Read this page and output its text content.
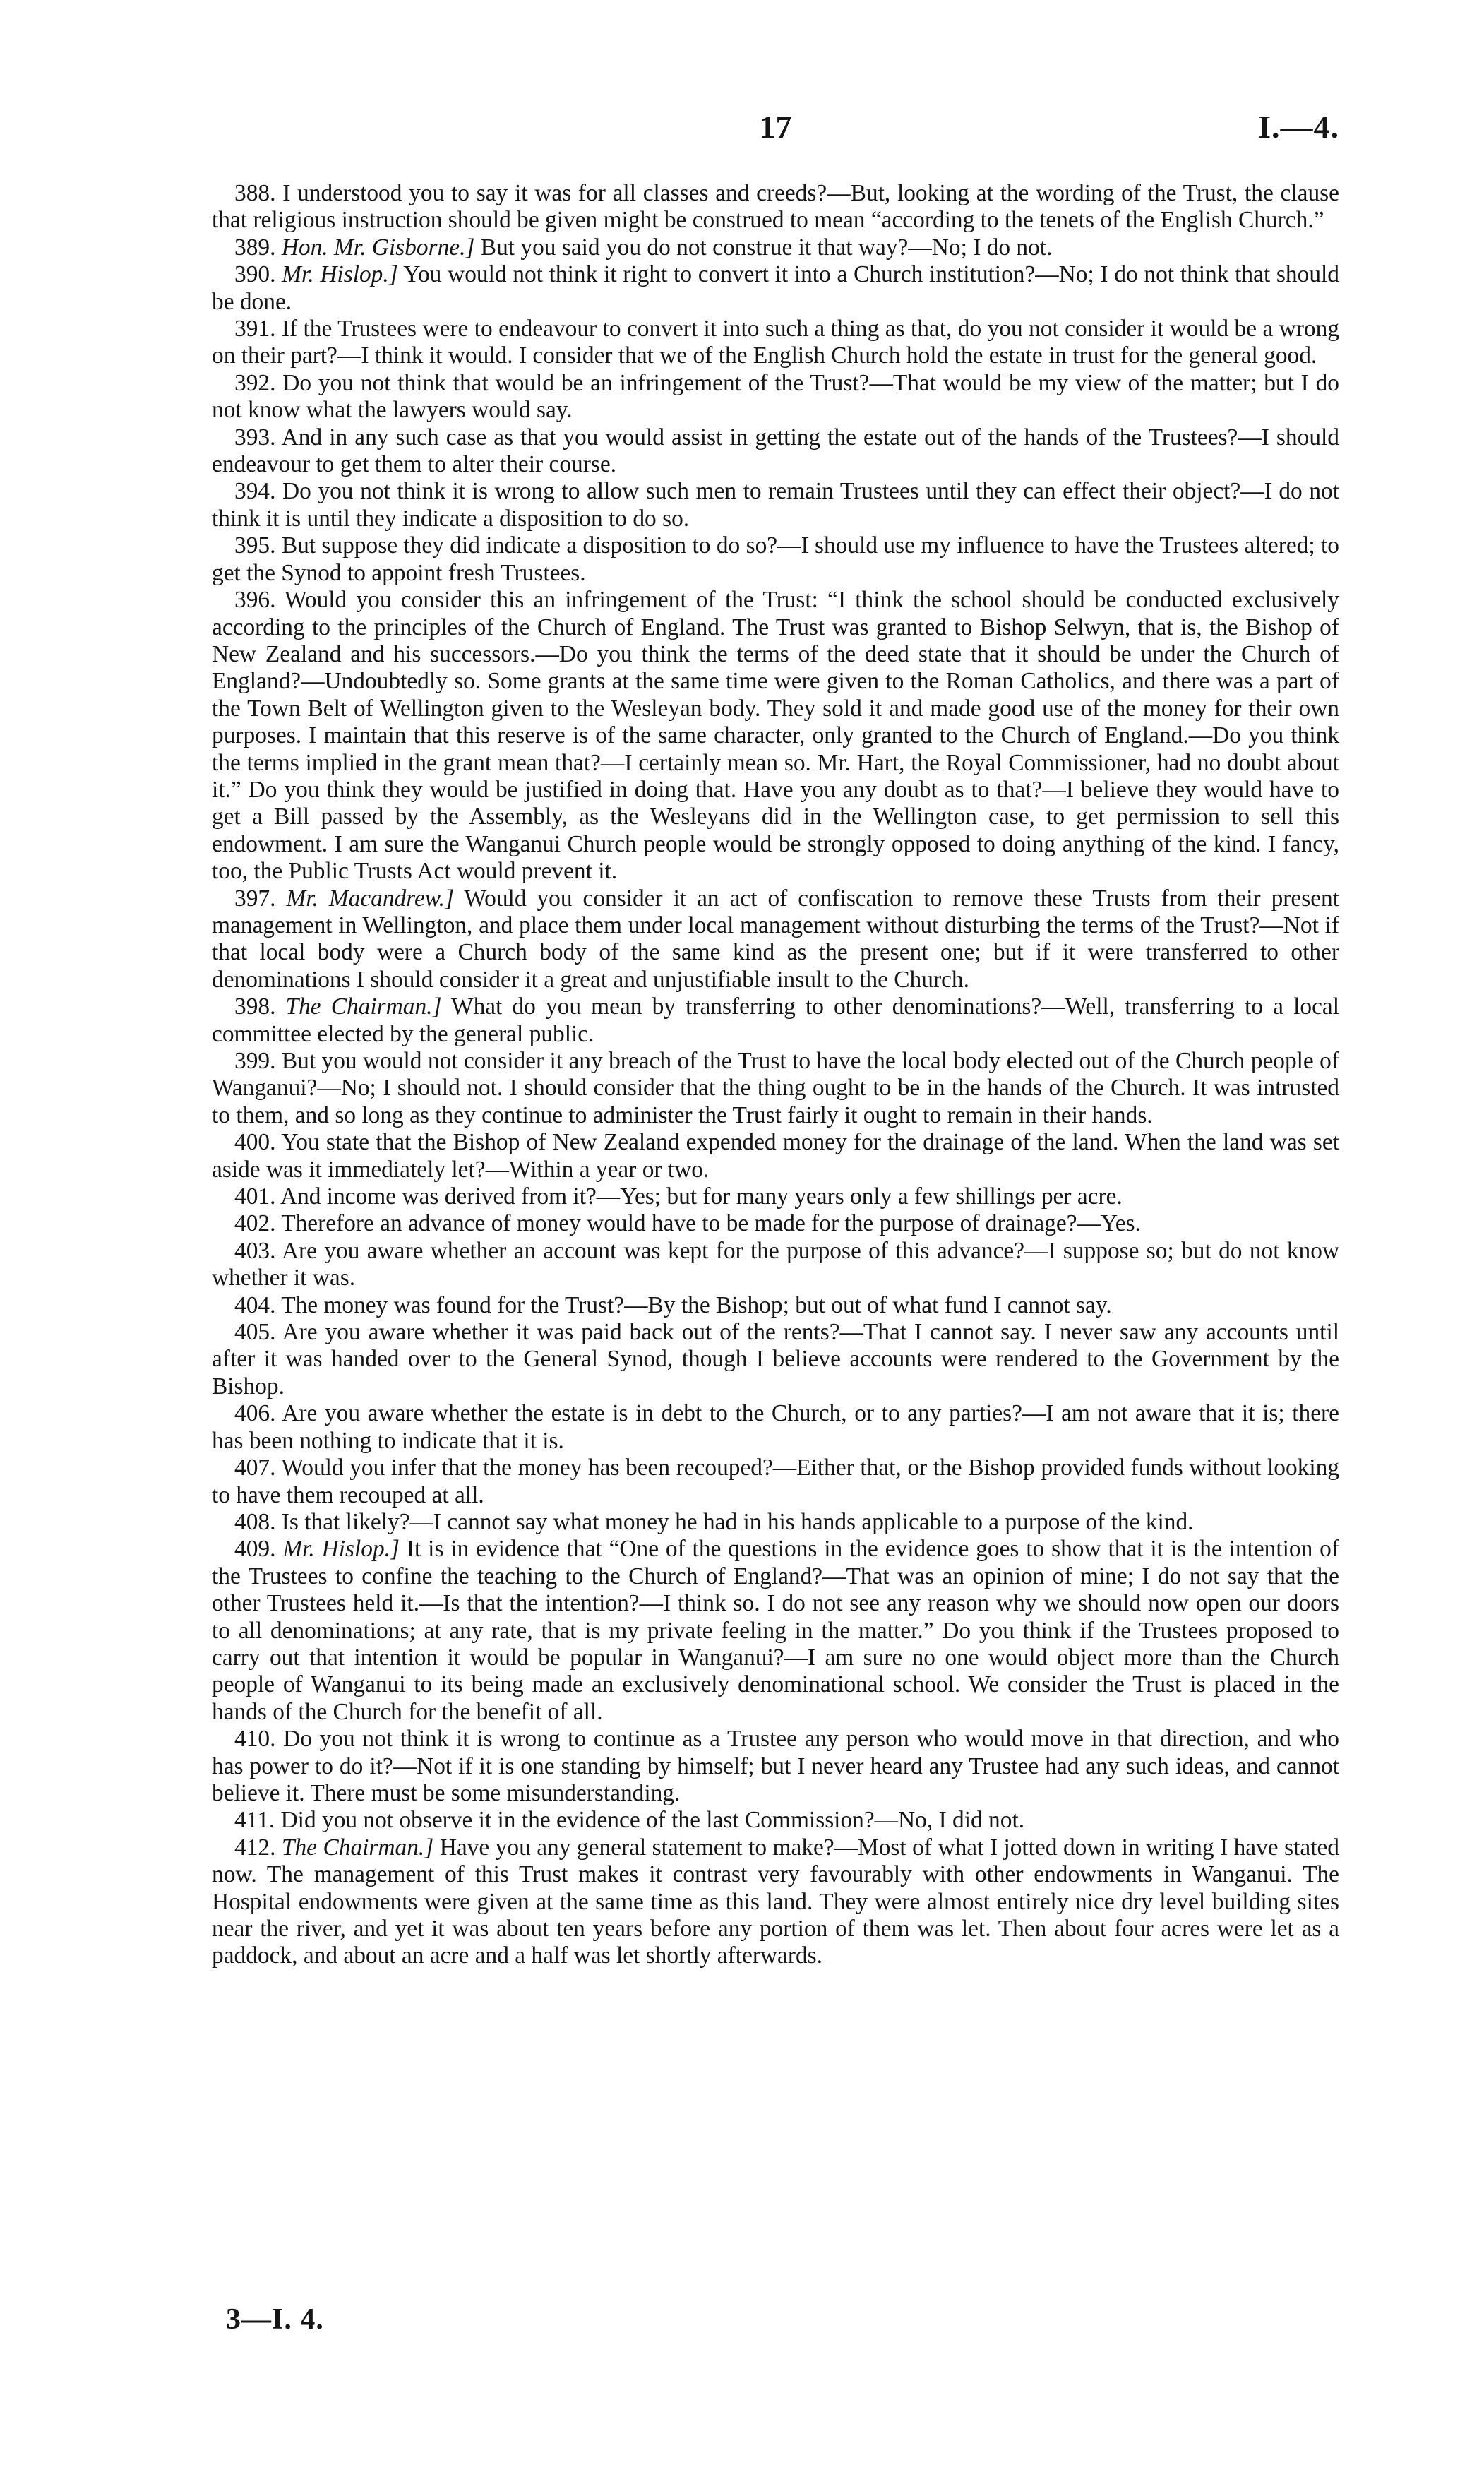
17	I.—4.

388. I understood you to say it was for all classes and creeds?—But, looking at the wording of the Trust, the clause that religious instruction should be given might be construed to mean “according to the tenets of the English Church.”

389. Hon. Mr. Gisborne.] But you said you do not construe it that way?—No; I do not.

390. Mr. Hislop.] You would not think it right to convert it into a Church institution?—No; I do not think that should be done.

391. If the Trustees were to endeavour to convert it into such a thing as that, do you not consider it would be a wrong on their part?—I think it would. I consider that we of the English Church hold the estate in trust for the general good.

392. Do you not think that would be an infringement of the Trust?—That would be my view of the matter; but I do not know what the lawyers would say.

393. And in any such case as that you would assist in getting the estate out of the hands of the Trustees?—I should endeavour to get them to alter their course.

394. Do you not think it is wrong to allow such men to remain Trustees until they can effect their object?—I do not think it is until they indicate a disposition to do so.

395. But suppose they did indicate a disposition to do so?—I should use my influence to have the Trustees altered; to get the Synod to appoint fresh Trustees.

396. Would you consider this an infringement of the Trust: “I think the school should be conducted exclusively according to the principles of the Church of England. The Trust was granted to Bishop Selwyn, that is, the Bishop of New Zealand and his successors.—Do you think the terms of the deed state that it should be under the Church of England?—Undoubtedly so. Some grants at the same time were given to the Roman Catholics, and there was a part of the Town Belt of Wellington given to the Wesleyan body. They sold it and made good use of the money for their own purposes. I maintain that this reserve is of the same character, only granted to the Church of England.—Do you think the terms implied in the grant mean that?—I certainly mean so. Mr. Hart, the Royal Commissioner, had no doubt about it.” Do you think they would be justified in doing that. Have you any doubt as to that?—I believe they would have to get a Bill passed by the Assembly, as the Wesleyans did in the Wellington case, to get permission to sell this endowment. I am sure the Wanganui Church people would be strongly opposed to doing anything of the kind. I fancy, too, the Public Trusts Act would prevent it.

397. Mr. Macandrew.] Would you consider it an act of confiscation to remove these Trusts from their present management in Wellington, and place them under local management without disturbing the terms of the Trust?—Not if that local body were a Church body of the same kind as the present one; but if it were transferred to other denominations I should consider it a great and unjustifiable insult to the Church.

398. The Chairman.] What do you mean by transferring to other denominations?—Well, transferring to a local committee elected by the general public.

399. But you would not consider it any breach of the Trust to have the local body elected out of the Church people of Wanganui?—No; I should not. I should consider that the thing ought to be in the hands of the Church. It was intrusted to them, and so long as they continue to administer the Trust fairly it ought to remain in their hands.

400. You state that the Bishop of New Zealand expended money for the drainage of the land. When the land was set aside was it immediately let?—Within a year or two.

401. And income was derived from it?—Yes; but for many years only a few shillings per acre.

402. Therefore an advance of money would have to be made for the purpose of drainage?—Yes.

403. Are you aware whether an account was kept for the purpose of this advance?—I suppose so; but do not know whether it was.

404. The money was found for the Trust?—By the Bishop; but out of what fund I cannot say.

405. Are you aware whether it was paid back out of the rents?—That I cannot say. I never saw any accounts until after it was handed over to the General Synod, though I believe accounts were rendered to the Government by the Bishop.

406. Are you aware whether the estate is in debt to the Church, or to any parties?—I am not aware that it is; there has been nothing to indicate that it is.

407. Would you infer that the money has been recouped?—Either that, or the Bishop provided funds without looking to have them recouped at all.

408. Is that likely?—I cannot say what money he had in his hands applicable to a purpose of the kind.

409. Mr. Hislop.] It is in evidence that “One of the questions in the evidence goes to show that it is the intention of the Trustees to confine the teaching to the Church of England?—That was an opinion of mine; I do not say that the other Trustees held it.—Is that the intention?—I think so. I do not see any reason why we should now open our doors to all denominations; at any rate, that is my private feeling in the matter.” Do you think if the Trustees proposed to carry out that intention it would be popular in Wanganui?—I am sure no one would object more than the Church people of Wanganui to its being made an exclusively denominational school. We consider the Trust is placed in the hands of the Church for the benefit of all.

410. Do you not think it is wrong to continue as a Trustee any person who would move in that direction, and who has power to do it?—Not if it is one standing by himself; but I never heard any Trustee had any such ideas, and cannot believe it. There must be some misunderstanding.

411. Did you not observe it in the evidence of the last Commission?—No, I did not.

412. The Chairman.] Have you any general statement to make?—Most of what I jotted down in writing I have stated now. The management of this Trust makes it contrast very favourably with other endowments in Wanganui. The Hospital endowments were given at the same time as this land. They were almost entirely nice dry level building sites near the river, and yet it was about ten years before any portion of them was let. Then about four acres were let as a paddock, and about an acre and a half was let shortly afterwards.

3—I. 4.
